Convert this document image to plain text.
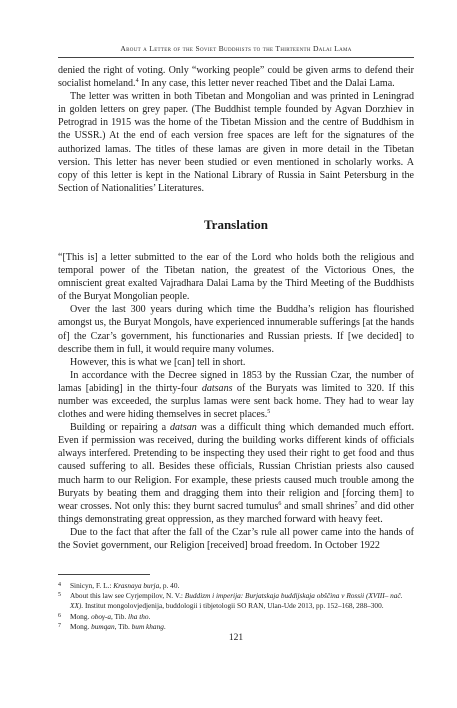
About a Letter of the Soviet Buddhists to the Thirteenth Dalai Lama

denied the right of voting. Only “working people” could be given arms to defend their socialist homeland.$^4$ In any case, this letter never reached Tibet and the Dalai Lama.

The letter was written in both Tibetan and Mongolian and was printed in Leningrad in golden letters on grey paper. (The Buddhist temple founded by Agvan Dorzhiev in Petrograd in 1915 was the home of the Tibetan Mission and the centre of Buddhism in the USSR.) At the end of each version free spaces are left for the signatures of the authorized lamas. The titles of these lamas are given in more detail in the Tibetan version. This letter has never been studied or even mentioned in scholarly works. A copy of this letter is kept in the National Library of Russia in Saint Petersburg in the Section of Nationalities’ Literatures.

Translation

“[This is] a letter submitted to the ear of the Lord who holds both the religious and temporal power of the Tibetan nation, the greatest of the Victorious Ones, the omniscient great exalted Vajradhara Dalai Lama by the Third Meeting of the Buddhists of the Buryat Mongolian people.

Over the last 300 years during which time the Buddha’s religion has flourished amongst us, the Buryat Mongols, have experienced innumerable sufferings [at the hands of] the Czar’s government, his functionaries and Russian priests. If [we decided] to describe them in full, it would require many volumes.

However, this is what we [can] tell in short.

In accordance with the Decree signed in 1853 by the Russian Czar, the number of lamas [abiding] in the thirty-four datsans of the Buryats was limited to 320. If this number was exceeded, the surplus lamas were sent back home. They had to wear lay clothes and were hiding themselves in secret places.$^5$

Building or repairing a datsan was a difficult thing which demanded much effort. Even if permission was received, during the building works different kinds of officials always interfered. Pretending to be inspecting they used their right to get food and thus caused suffering to all. Besides these officials, Russian Christian priests also caused much harm to our Religion. For example, these priests caused much trouble among the Buryats by beating them and dragging them into their religion and [forcing them] to wear crosses. Not only this: they burnt sacred tumulus$^6$ and small shrines$^7$ and did other things demonstrating great oppression, as they marched forward with heavy feet.

Due to the fact that after the fall of the Czar’s rule all power came into the hands of the Soviet government, our Religion [received] broad freedom. In October 1922

4	Sinicyn, F. L.: Krasnaya burja, p. 40.
5	About this law see Cyrjempilov, N. V.: Buddizm i imperija: Burjatskaja buddijskaja obščina v Rossii (XVIII– nač. XX). Institut mongolovjedjenija, buddologii i tibjetologii SO RAN, Ulan-Ude 2013, pp. 152–168, 288–300.
6	Mong. oboγ-a, Tib. lha tho.
7	Mong. bumqan, Tib. bum khang.
121
